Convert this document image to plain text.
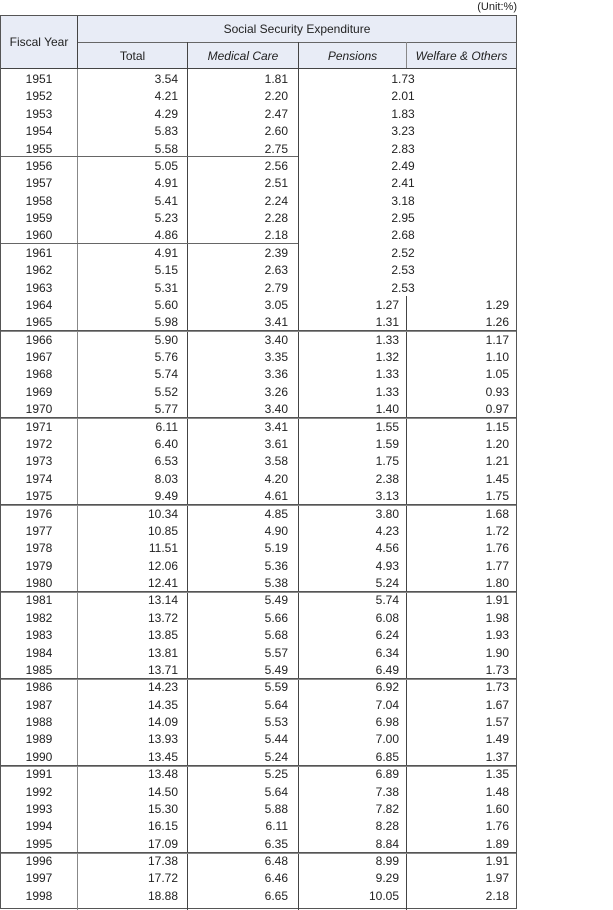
(Unit:%)
Fiscal Year
Social Security Expenditure
Total	Medical Care	Pensions	Welfare & Others
1951	3.54	1.81	1.73
1952	4.21	2.20	2.01
1953	4.29	2.47	1.83
1954	5.83	2.60	3.23
1955	5.58	2.75	2.83
1956	5.05	2.56	2.49
1957	4.91	2.51	2.41
1958	5.41	2.24	3.18
1959	5.23	2.28	2.95
1960	4.86	2.18	2.68
1961	4.91	2.39	2.52
1962	5.15	2.63	2.53
1963	5.31	2.79	2.53
1964	5.60	3.05	1.27	1.29
1965	5.98	3.41	1.31	1.26
1966	5.90	3.40	1.33	1.17
1967	5.76	3.35	1.32	1.10
1968	5.74	3.36	1.33	1.05
1969	5.52	3.26	1.33	0.93
1970	5.77	3.40	1.40	0.97
1971	6.11	3.41	1.55	1.15
1972	6.40	3.61	1.59	1.20
1973	6.53	3.58	1.75	1.21
1974	8.03	4.20	2.38	1.45
1975	9.49	4.61	3.13	1.75
1976	10.34	4.85	3.80	1.68
1977	10.85	4.90	4.23	1.72
1978	11.51	5.19	4.56	1.76
1979	12.06	5.36	4.93	1.77
1980	12.41	5.38	5.24	1.80
1981	13.14	5.49	5.74	1.91
1982	13.72	5.66	6.08	1.98
1983	13.85	5.68	6.24	1.93
1984	13.81	5.57	6.34	1.90
1985	13.71	5.49	6.49	1.73
1986	14.23	5.59	6.92	1.73
1987	14.35	5.64	7.04	1.67
1988	14.09	5.53	6.98	1.57
1989	13.93	5.44	7.00	1.49
1990	13.45	5.24	6.85	1.37
1991	13.48	5.25	6.89	1.35
1992	14.50	5.64	7.38	1.48
1993	15.30	5.88	7.82	1.60
1994	16.15	6.11	8.28	1.76
1995	17.09	6.35	8.84	1.89
1996	17.38	6.48	8.99	1.91
1997	17.72	6.46	9.29	1.97
1998	18.88	6.65	10.05	2.18
